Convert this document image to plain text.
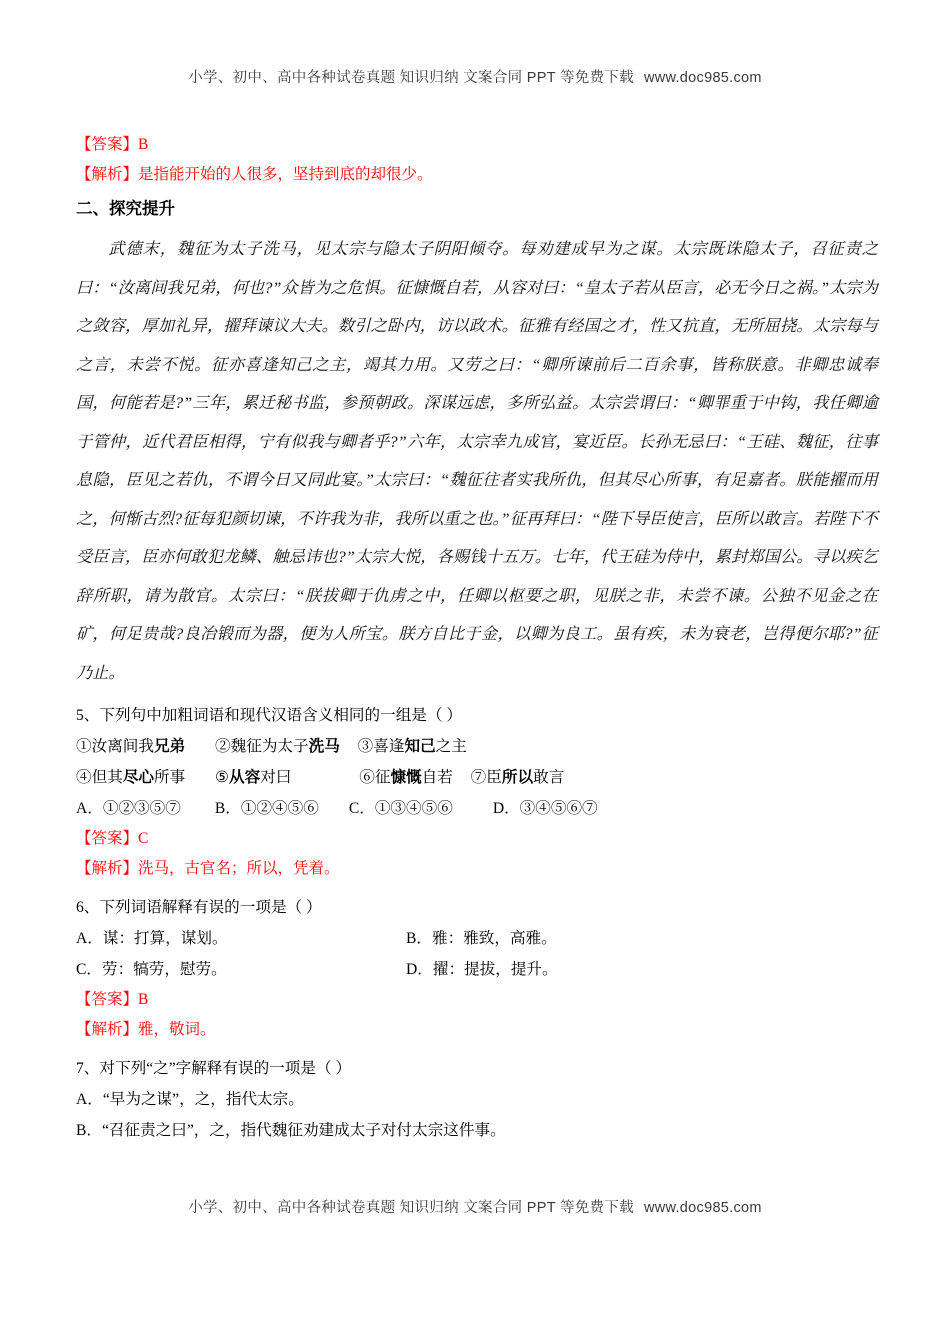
小学、初中、高中各种试卷真题 知识归纳 文案合同 PPT 等免费下载 www.doc985.com
【答案】B
【解析】是指能开始的人很多，坚持到底的却很少。
二、探究提升
武德末，魏征为太子洗马，见太宗与隐太子阴阳倾夺。每劝建成早为之谋。太宗既诛隐太子，召征责之曰：“汝离间我兄弟，何也?”众皆为之危惧。征慷慨自若，从容对曰：“皇太子若从臣言，必无今日之祸。”太宗为之敛容，厚加礼异，擢拜谏议大夫。数引之卧内，访以政术。征雅有经国之才，性又抗直，无所屈挠。太宗每与之言，未尝不悦。征亦喜逢知己之主，竭其力用。又劳之曰：“卿所谏前后二百余事，皆称朕意。非卿忠诚奉国，何能若是?”三年，累迁秘书监，参预朝政。深谋远虑，多所弘益。太宗尝谓曰：“卿罪重于中钩，我任卿逾于管仲，近代君臣相得，宁有似我与卿者乎?”六年，太宗幸九成官，宴近臣。长孙无忌曰：“王硅、魏征，往事息隐，臣见之若仇，不谓今日又同此宴。”太宗曰：“魏征往者实我所仇，但其尽心所事，有足嘉者。朕能擢而用之，何惭古烈?征每犯颜切谏，不许我为非，我所以重之也。”征再拜曰：“陛下导臣使言，臣所以敢言。若陛下不受臣言，臣亦何敢犯龙鳞、触忌讳也?”太宗大悦，各赐钱十五万。七年，代王硅为侍中，累封郑国公。寻以疾乞辞所职，请为散官。太宗曰：“朕拔卿于仇虏之中，任卿以枢要之职，见朕之非，未尝不谏。公独不见金之在矿，何足贵哉?良冶锻而为器，便为人所宝。朕方自比于金，以卿为良工。虽有疾，未为衰老，岂得便尔耶?”征乃止。
5、下列句中加粗词语和现代汉语含义相同的一组是（ ）
①汝离间我兄弟 ②魏征为太子洗马 ③喜逢知己之主
④但其尽心所事 ⑤从容对曰	⑥征慷慨自若 ⑦臣所以敢言
A．①②③⑤⑦ B．①②④⑤⑥ C．①③④⑤⑥	D．③④⑤⑥⑦
【答案】C
【解析】洗马，古官名；所以，凭着。
6、下列词语解释有误的一项是（ ）
A．谋：打算，谋划。	B．雅：雅致，高雅。
C．劳：犒劳，慰劳。	D．擢：提拔，提升。
【答案】B
【解析】雅，敬词。
7、对下列“之”字解释有误的一项是（ ）
A．“早为之谋”，之，指代太宗。
B．“召征责之曰”，之，指代魏征劝建成太子对付太宗这件事。
小学、初中、高中各种试卷真题 知识归纳 文案合同 PPT 等免费下载 www.doc985.com
